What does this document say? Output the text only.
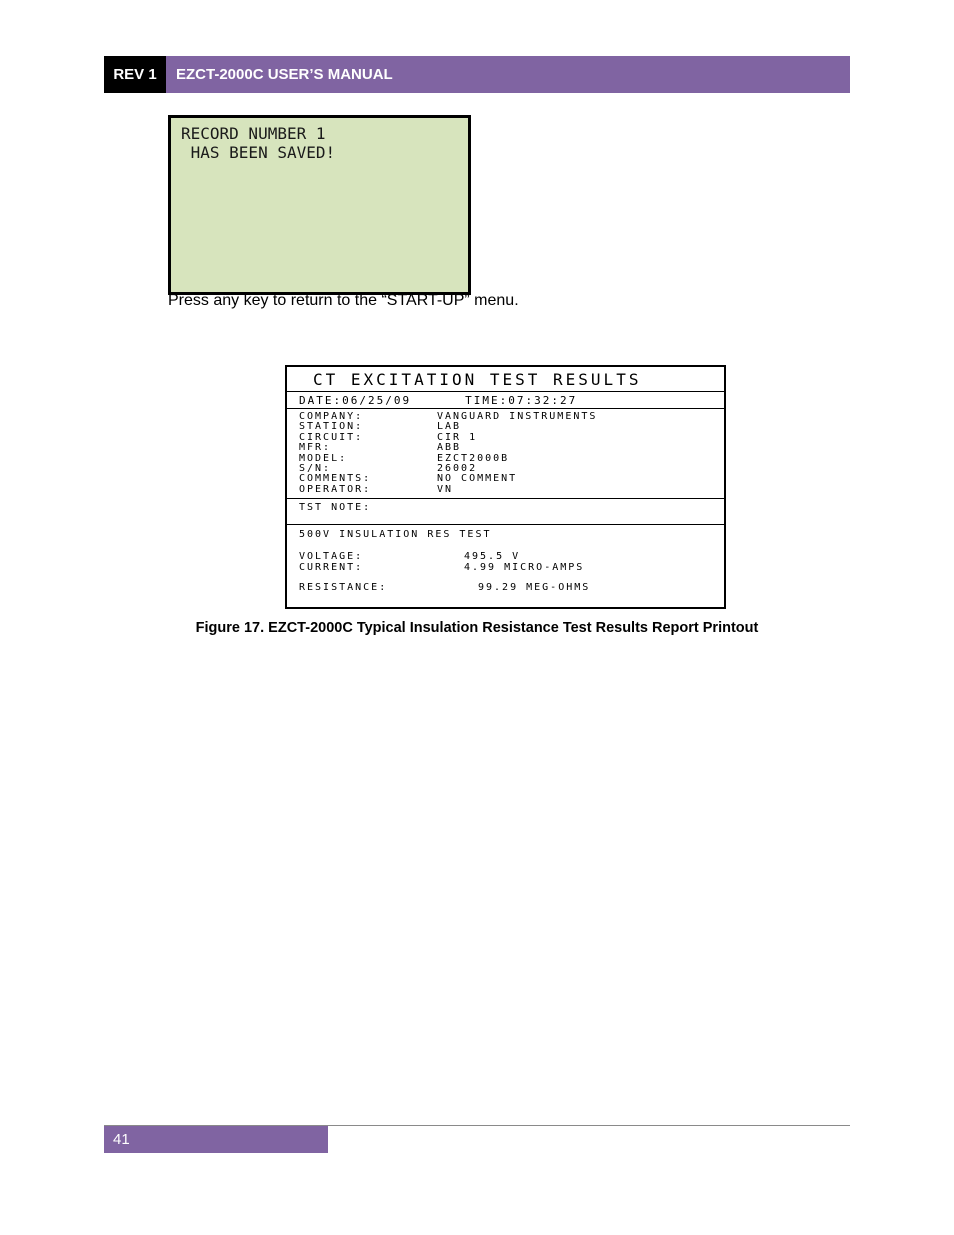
REV 1	EZCT-2000C USER’S MANUAL
RECORD NUMBER 1
HAS BEEN SAVED!
Press any key to return to the “START-UP” menu.
CT EXCITATION TEST RESULTS
DATE:06/25/09	TIME:07:32:27
COMPANY:	VANGUARD INSTRUMENTS
STATION:	LAB
CIRCUIT:	CIR 1
MFR:	ABB
MODEL:	EZCT2000B
S/N:	26002
COMMENTS:	NO COMMENT
OPERATOR:	VN
TST NOTE:
500V INSULATION RES TEST
VOLTAGE:	495.5 V
CURRENT:	4.99 MICRO-AMPS
RESISTANCE:	99.29 MEG-OHMS
Figure 17. EZCT-2000C Typical Insulation Resistance Test Results Report Printout
41
